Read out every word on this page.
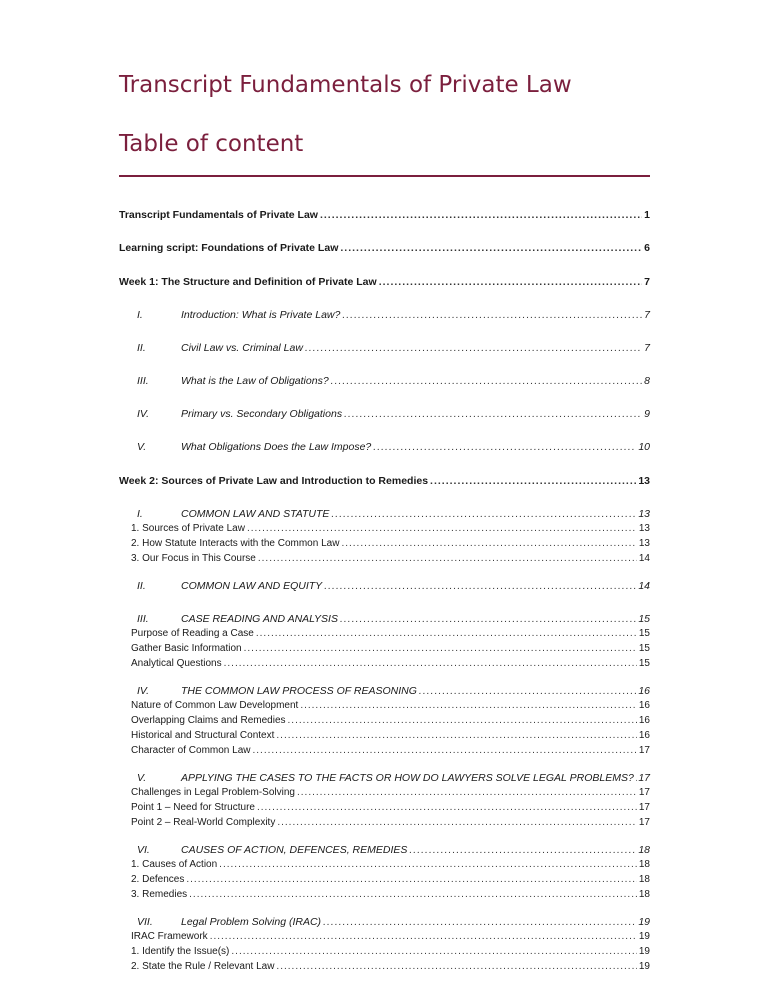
Transcript Fundamentals of Private Law
Table of content
Transcript Fundamentals of Private Law .....	1
Learning script: Foundations of Private Law .....	6
Week 1: The Structure and Definition of Private Law .....	7
I.	Introduction: What is Private Law? .....	7
II.	Civil Law vs. Criminal Law .....	7
III.	What is the Law of Obligations? .....	8
IV.	Primary vs. Secondary Obligations .....	9
V.	What Obligations Does the Law Impose? .....	10
Week 2: Sources of Private Law and Introduction to Remedies .....	13
I.	COMMON LAW AND STATUTE .....	13
1. Sources of Private Law .....	13
2. How Statute Interacts with the Common Law .....	13
3. Our Focus in This Course .....	14
II.	COMMON LAW AND EQUITY .....	14
III.	CASE READING AND ANALYSIS .....	15
Purpose of Reading a Case .....	15
Gather Basic Information .....	15
Analytical Questions .....	15
IV.	THE COMMON LAW PROCESS OF REASONING .....	16
Nature of Common Law Development .....	16
Overlapping Claims and Remedies .....	16
Historical and Structural Context .....	16
Character of Common Law .....	17
V.	APPLYING THE CASES TO THE FACTS OR HOW DO LAWYERS SOLVE LEGAL PROBLEMS? ..... 17
Challenges in Legal Problem-Solving .....	17
Point 1 – Need for Structure .....	17
Point 2 – Real-World Complexity .....	17
VI.	CAUSES OF ACTION, DEFENCES, REMEDIES .....	18
1. Causes of Action .....	18
2. Defences .....	18
3. Remedies .....	18
VII.	Legal Problem Solving (IRAC) .....	19
IRAC Framework .....	19
1. Identify the Issue(s) .....	19
2. State the Rule / Relevant Law .....	19
